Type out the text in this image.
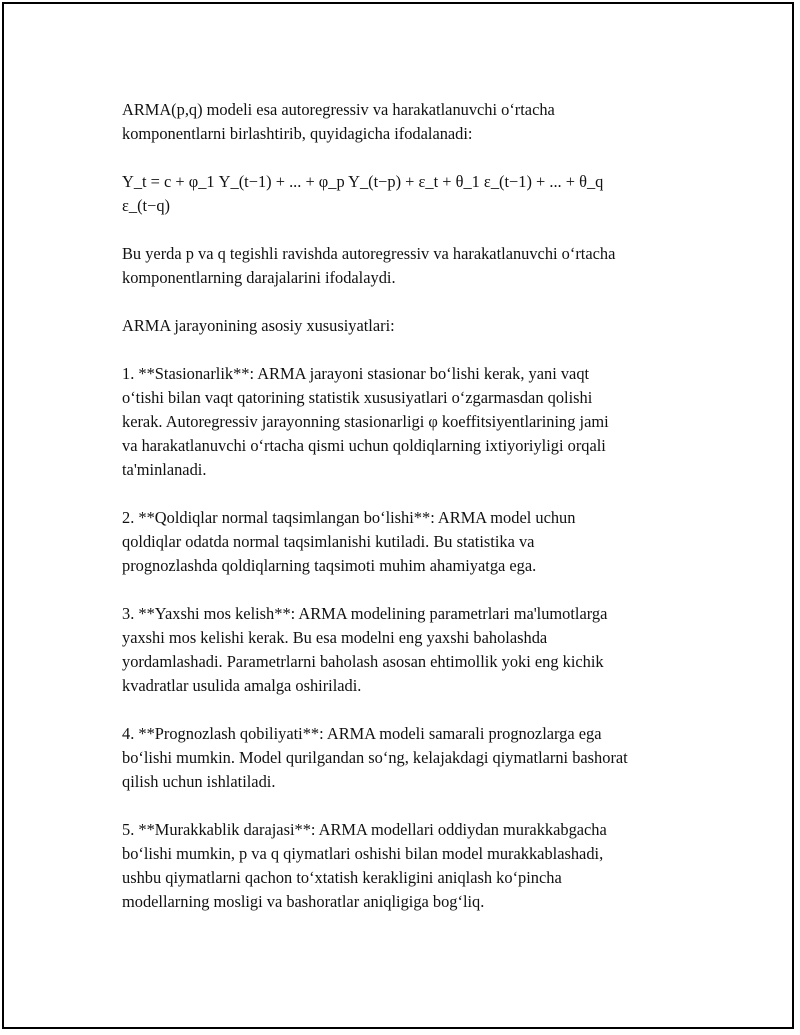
ARMA(p,q) modeli esa autoregressiv va harakatlanuvchi o‘rtacha
komponentlarni birlashtirib, quyidagicha ifodalanadi:

Y_t = c + φ_1 Y_(t−1) + ... + φ_p Y_(t−p) + ε_t + θ_1 ε_(t−1) + ... + θ_q
ε_(t−q)

Bu yerda p va q tegishli ravishda autoregressiv va harakatlanuvchi o‘rtacha
komponentlarning darajalarini ifodalaydi.

ARMA jarayonining asosiy xususiyatlari:

1. **Stasionarlik**: ARMA jarayoni stasionar bo‘lishi kerak, yani vaqt
o‘tishi bilan vaqt qatorining statistik xususiyatlari o‘zgarmasdan qolishi
kerak. Autoregressiv jarayonning stasionarligi φ koeffitsiyentlarining jami
va harakatlanuvchi o‘rtacha qismi uchun qoldiqlarning ixtiyoriyligi orqali
ta'minlanadi.

2. **Qoldiqlar normal taqsimlangan bo‘lishi**: ARMA model uchun
qoldiqlar odatda normal taqsimlanishi kutiladi. Bu statistika va
prognozlashda qoldiqlarning taqsimoti muhim ahamiyatga ega.

3. **Yaxshi mos kelish**: ARMA modelining parametrlari ma'lumotlarga
yaxshi mos kelishi kerak. Bu esa modelni eng yaxshi baholashda
yordamlashadi. Parametrlarni baholash asosan ehtimollik yoki eng kichik
kvadratlar usulida amalga oshiriladi.

4. **Prognozlash qobiliyati**: ARMA modeli samarali prognozlarga ega
bo‘lishi mumkin. Model qurilgandan so‘ng, kelajakdagi qiymatlarni bashorat
qilish uchun ishlatiladi.

5. **Murakkablik darajasi**: ARMA modellari oddiydan murakkabgacha
bo‘lishi mumkin, p va q qiymatlari oshishi bilan model murakkablashadi,
ushbu qiymatlarni qachon to‘xtatish kerakligini aniqlash ko‘pincha
modellarning mosligi va bashoratlar aniqligiga bog‘liq.
